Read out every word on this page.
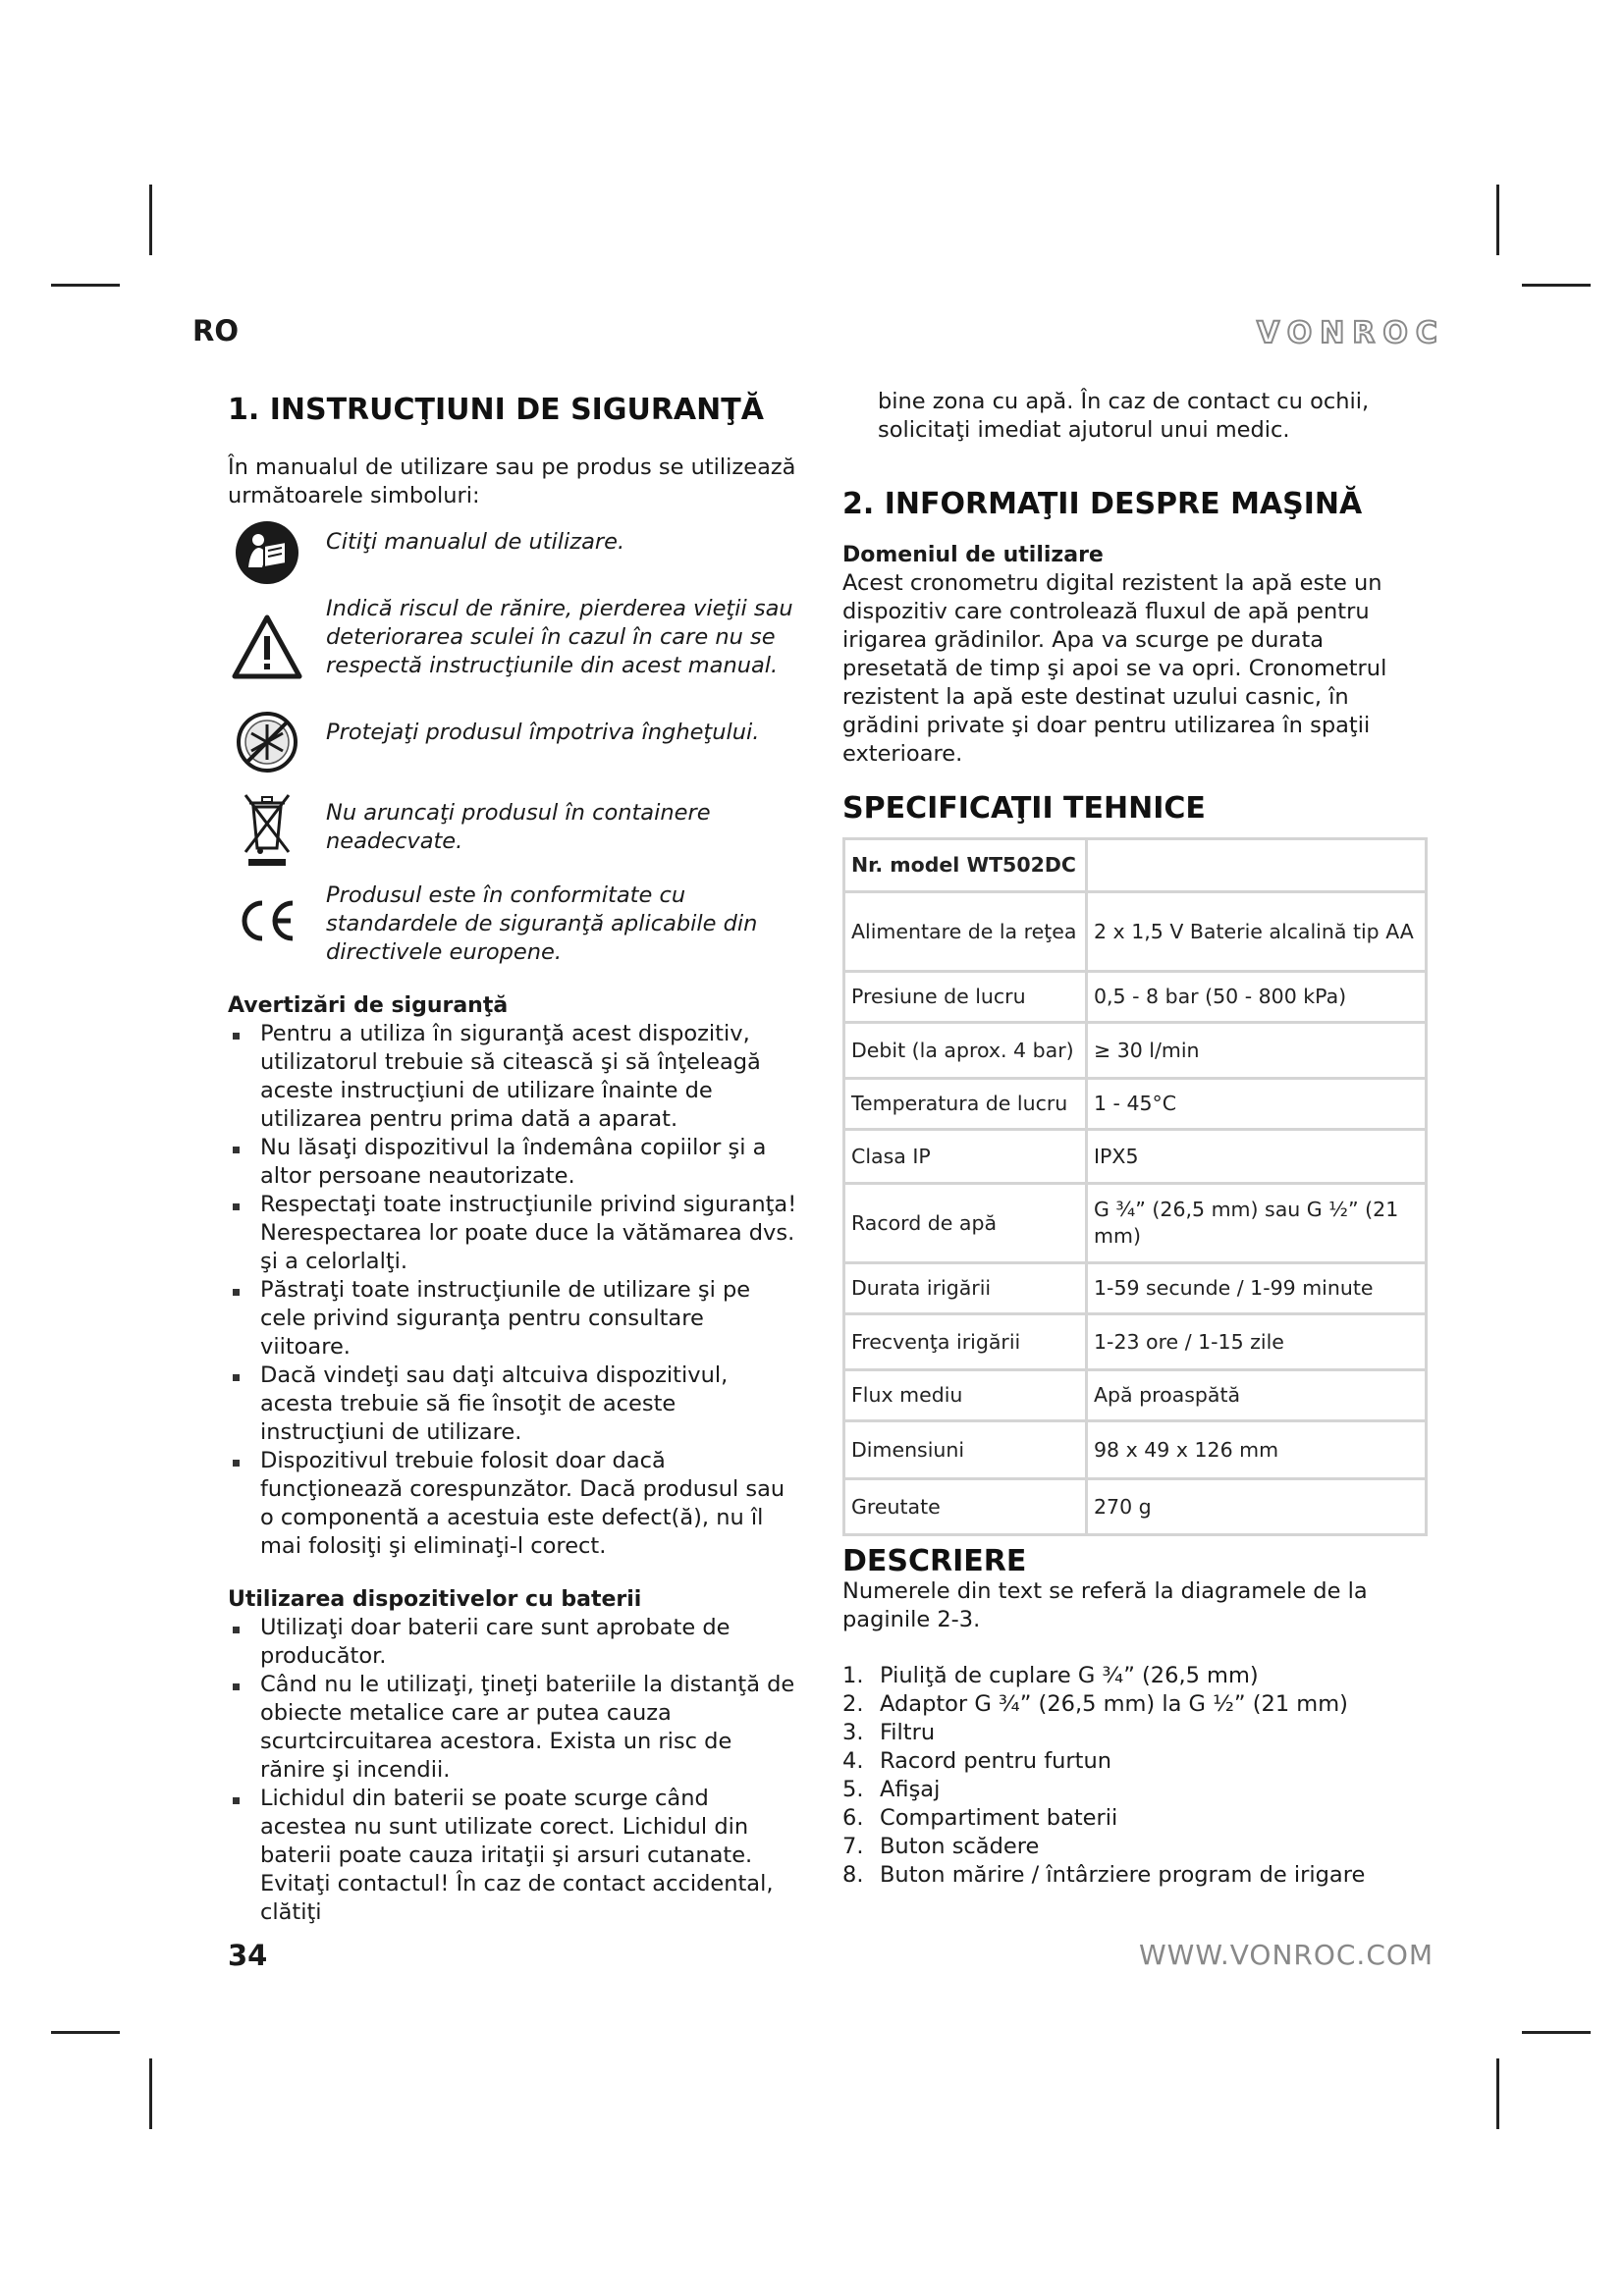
RO	VONROC
1. INSTRUCŢIUNI DE SIGURANŢĂ

În manualul de utilizare sau pe produs se utilizează următoarele simboluri:

Citiţi manualul de utilizare.
Indică riscul de rănire, pierderea vieţii sau deteriorarea sculei în cazul în care nu se respectă instrucţiunile din acest manual.
Protejaţi produsul împotriva îngheţului.
Nu aruncaţi produsul în containere neadecvate.
Produsul este în conformitate cu standardele de siguranţă aplicabile din directivele europene.

Avertizări de siguranţă

Pentru a utiliza în siguranţă acest dispozitiv, utilizatorul trebuie să citească şi să înţeleagă aceste instrucţiuni de utilizare înainte de utilizarea pentru prima dată a aparat.
Nu lăsaţi dispozitivul la îndemâna copiilor şi a altor persoane neautorizate.
Respectaţi toate instrucţiunile privind siguranţa! Nerespectarea lor poate duce la vătămarea dvs. şi a celorlalţi.
Păstraţi toate instrucţiunile de utilizare şi pe cele privind siguranţa pentru consultare viitoare.
Dacă vindeţi sau daţi altcuiva dispozitivul, acesta trebuie să fie însoţit de aceste instrucţiuni de utilizare.
Dispozitivul trebuie folosit doar dacă funcţionează corespunzător. Dacă produsul sau o componentă a acestuia este defect(ă), nu îl mai folosiţi şi eliminaţi-l corect.

Utilizarea dispozitivelor cu baterii

Utilizaţi doar baterii care sunt aprobate de producător.
Când nu le utilizaţi, ţineţi bateriile la distanţă de obiecte metalice care ar putea cauza scurtcircuitarea acestora. Exista un risc de rănire şi incendii.
Lichidul din baterii se poate scurge când acestea nu sunt utilizate corect. Lichidul din baterii poate cauza iritaţii şi arsuri cutanate. Evitaţi contactul! În caz de contact accidental, clătiţi

bine zona cu apă. În caz de contact cu ochii, solicitaţi imediat ajutorul unui medic.

2. INFORMAŢII DESPRE MAŞINĂ

Domeniul de utilizare

Acest cronometru digital rezistent la apă este un dispozitiv care controlează fluxul de apă pentru irigarea grădinilor. Apa va scurge pe durata presetată de timp şi apoi se va opri. Cronometrul rezistent la apă este destinat uzului casnic, în grădini private şi doar pentru utilizarea în spaţii exterioare.

SPECIFICAŢII TEHNICE
Nr. model WT502DC	
Alimentare de la reţea	2 x 1,5 V Baterie alcalină tip AA
Presiune de lucru	0,5 - 8 bar (50 - 800 kPa)
Debit (la aprox. 4 bar)	≥ 30 l/min
Temperatura de lucru	1 - 45°C
Clasa IP	IPX5
Racord de apă	G ¾” (26,5 mm) sau G ½” (21 mm)
Durata irigării	1-59 secunde / 1-99 minute
Frecvenţa irigării	1-23 ore / 1-15 zile
Flux mediu	Apă proaspătă
Dimensiuni	98 x 49 x 126 mm
Greutate	270 g
DESCRIERE

Numerele din text se referă la diagramele de la paginile 2-3.

1. Piuliţă de cuplare G ¾” (26,5 mm)
2. Adaptor G ¾” (26,5 mm) la G ½” (21 mm)
3. Filtru
4. Racord pentru furtun
5. Afişaj
6. Compartiment baterii
7. Buton scădere
8. Buton mărire / întârziere program de irigare
34	WWW.VONROC.COM
